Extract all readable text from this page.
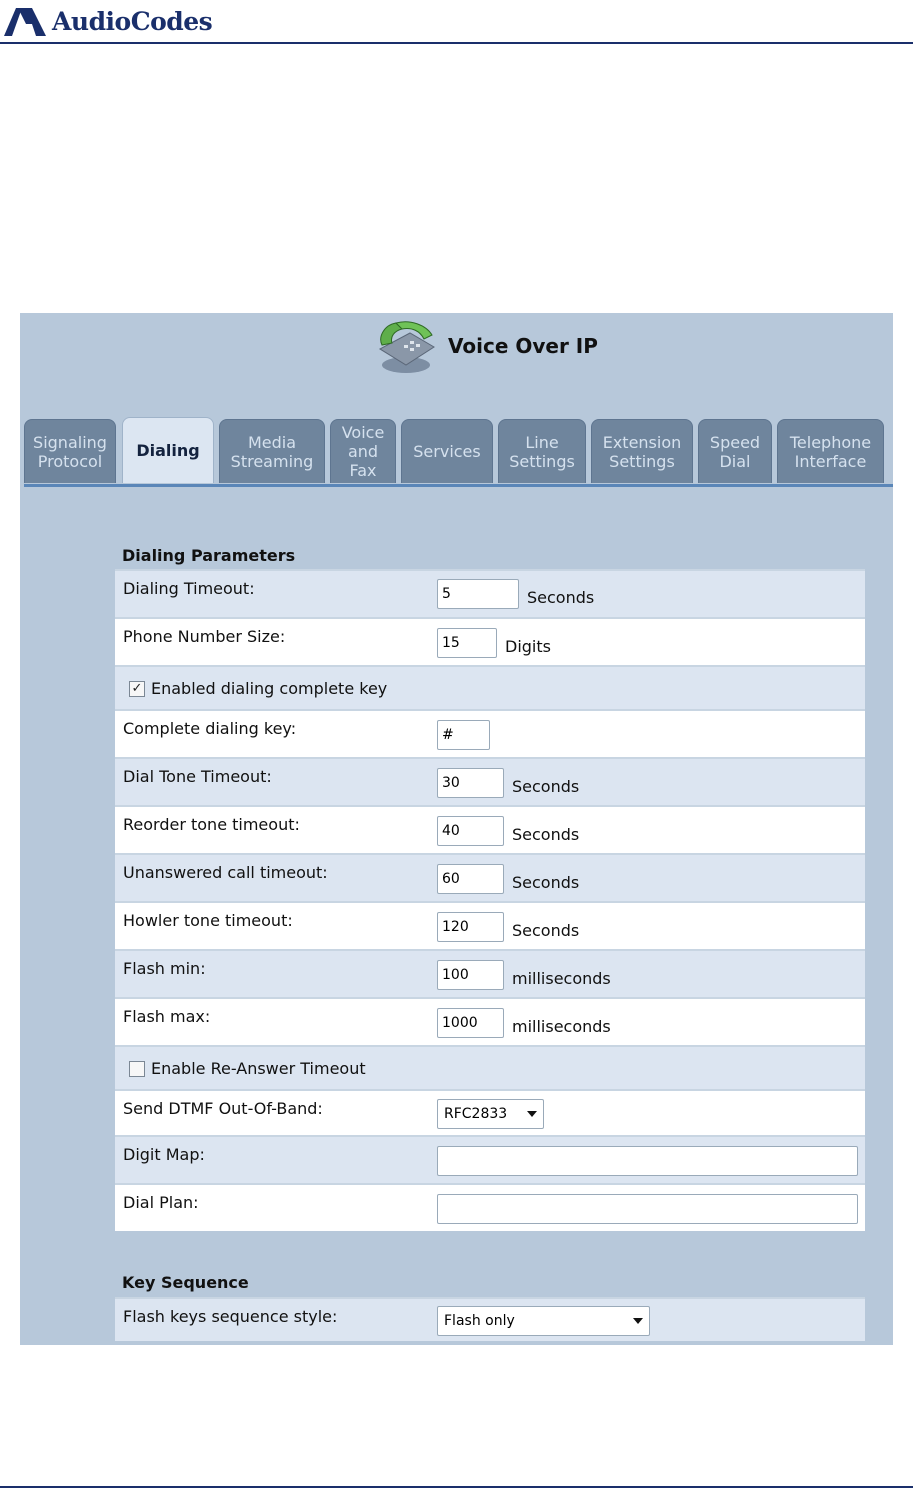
AudioCodes
Voice Over IP
Signaling
Protocol
Dialing	Media
Streaming
Voice
and
Fax
Services	Line
Settings
Extension
Settings
Speed
Dial
Telephone
Interface
Dialing Parameters
Dialing Timeout:
5	Seconds
Phone Number Size:
15	Digits
✓ Enabled dialing complete key
Complete dialing key:
#
Dial Tone Timeout:
30	Seconds
Reorder tone timeout:
40	Seconds
Unanswered call timeout:
60	Seconds
Howler tone timeout:
120	Seconds
Flash min:
100	milliseconds
Flash max:
1000	milliseconds
Enable Re-Answer Timeout
Send DTMF Out-Of-Band:	RFC2833
Digit Map:
Dial Plan:
Key Sequence
Flash keys sequence style:	Flash only
